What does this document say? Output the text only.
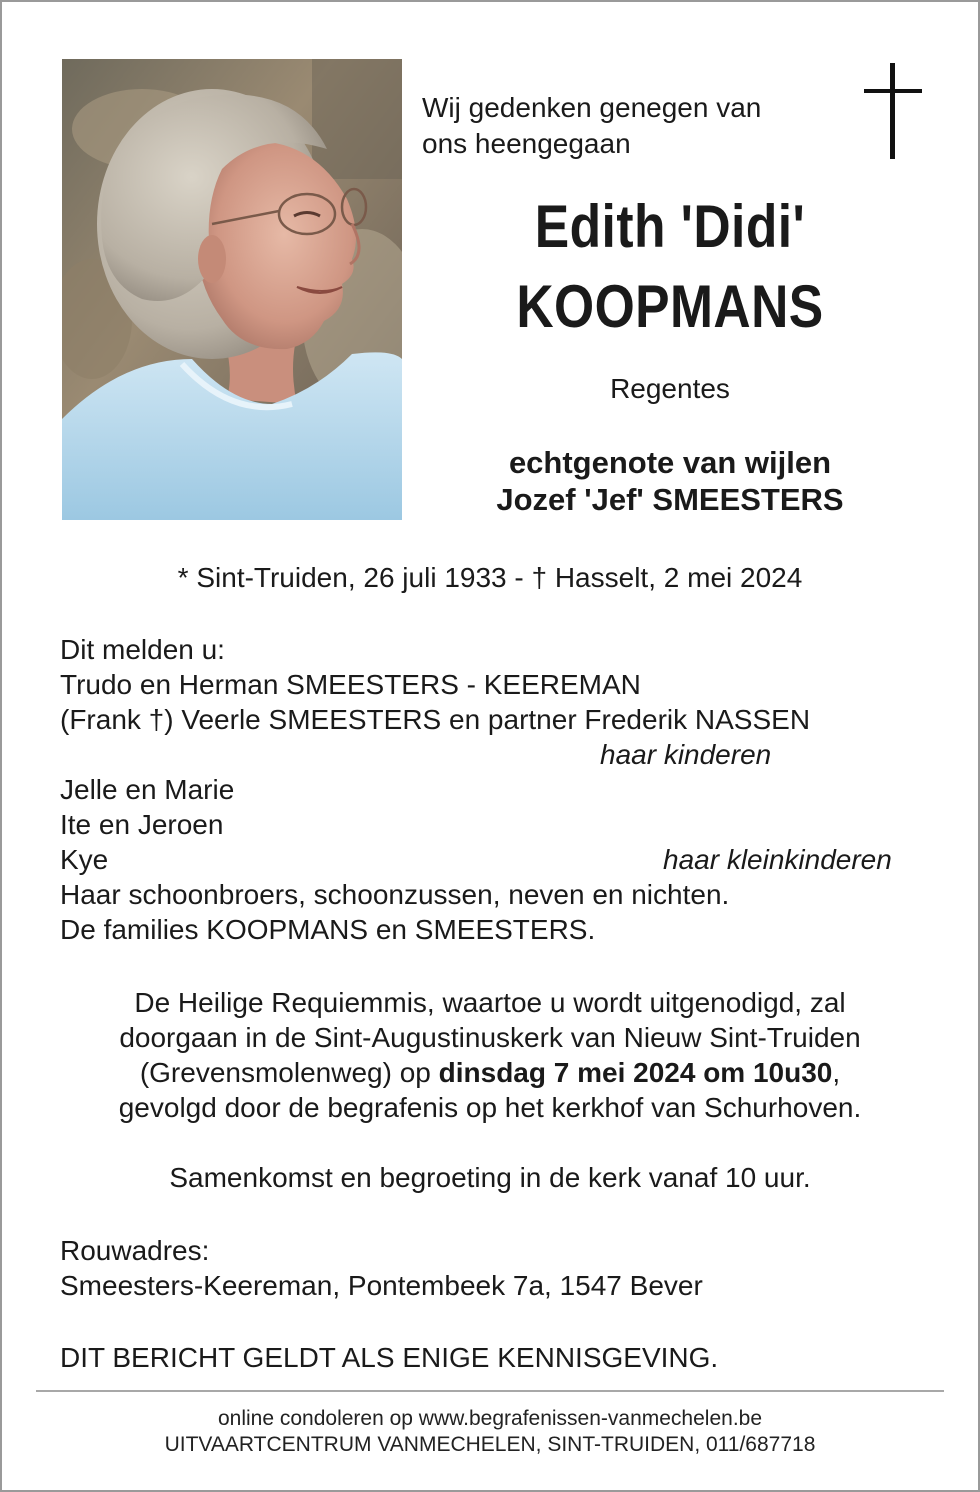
Wij gedenken genegen van
ons heengegaan
Edith 'Didi'
KOOPMANS
Regentes
echtgenote van wijlen
Jozef 'Jef' SMEESTERS
* Sint-Truiden, 26 juli 1933 - † Hasselt, 2 mei 2024
Dit melden u:
Trudo en Herman SMEESTERS - KEEREMAN
(Frank †) Veerle SMEESTERS en partner Frederik NASSEN
haar kinderen
Jelle en Marie
Ite en Jeroen
Kye	haar kleinkinderen
Haar schoonbroers, schoonzussen, neven en nichten.
De families KOOPMANS en SMEESTERS.
De Heilige Requiemmis, waartoe u wordt uitgenodigd, zal
doorgaan in de Sint-Augustinuskerk van Nieuw Sint-Truiden
(Grevensmolenweg) op dinsdag 7 mei 2024 om 10u30,
gevolgd door de begrafenis op het kerkhof van Schurhoven.
Samenkomst en begroeting in de kerk vanaf 10 uur.
Rouwadres:
Smeesters-Keereman, Pontembeek 7a, 1547 Bever
DIT BERICHT GELDT ALS ENIGE KENNISGEVING.
online condoleren op www.begrafenissen-vanmechelen.be
UITVAARTCENTRUM VANMECHELEN, SINT-TRUIDEN, 011/687718
